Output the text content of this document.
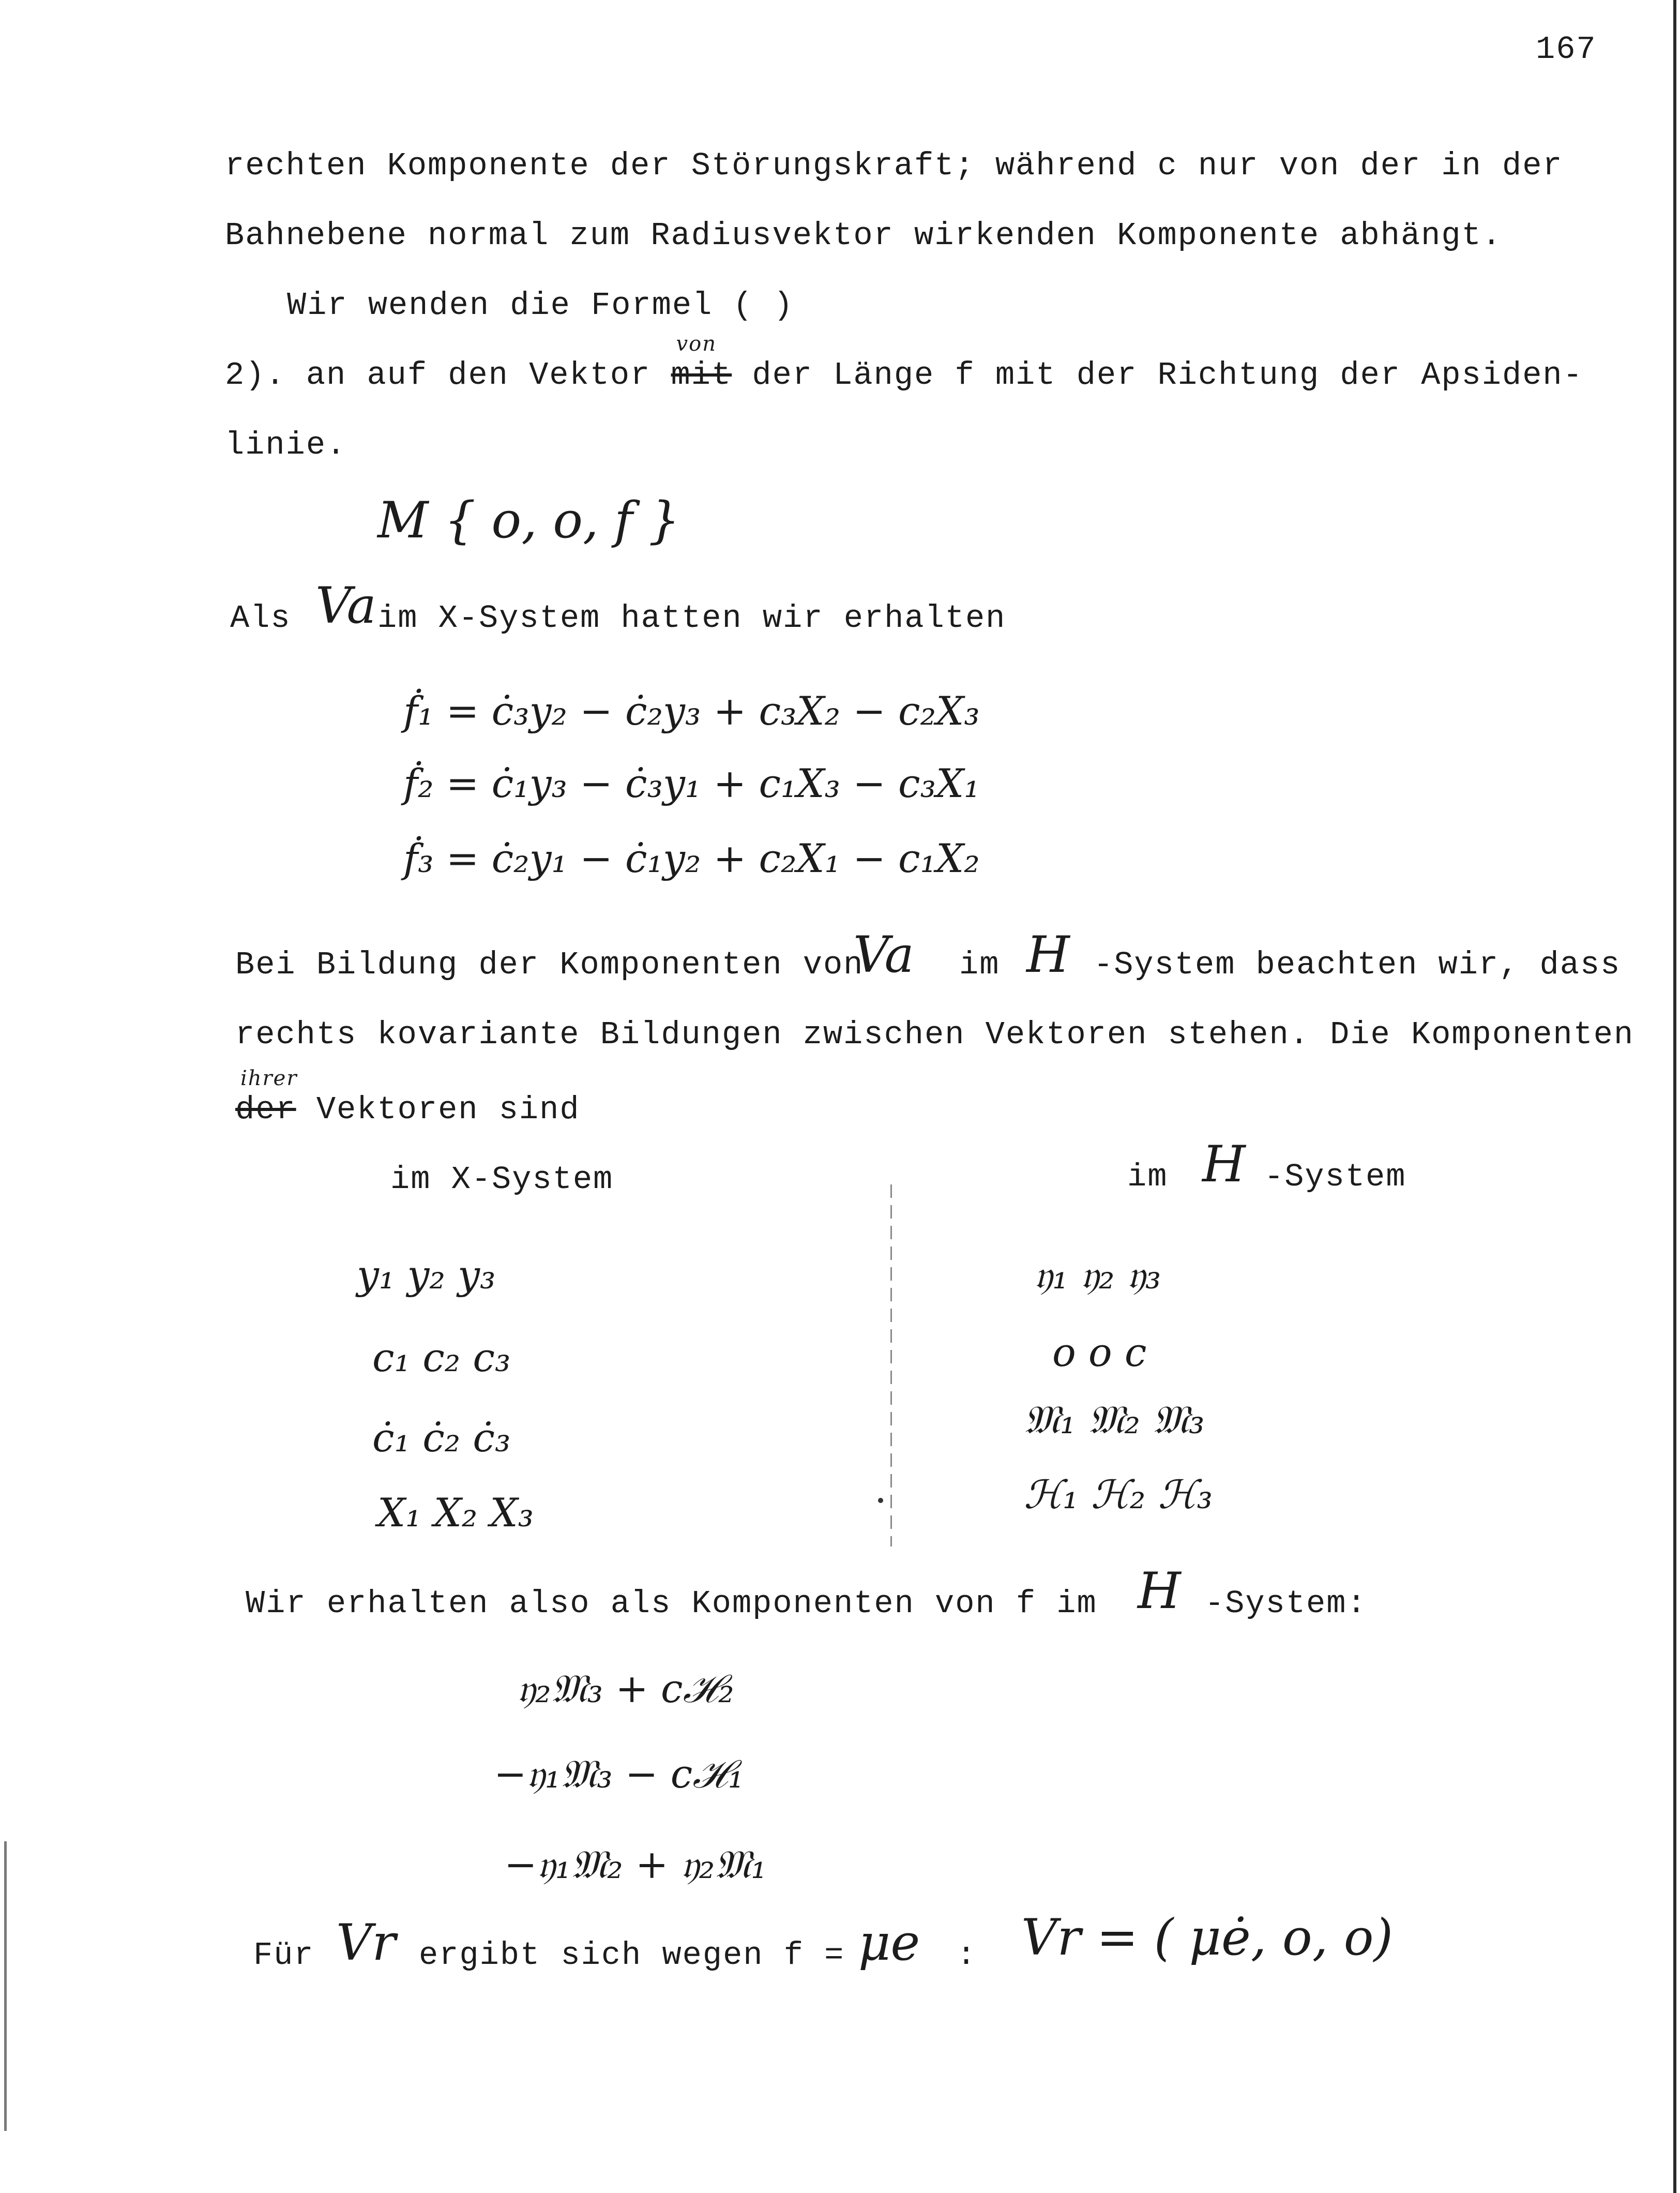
167
rechten Komponente der Störungskraft; während c nur von der in der
Bahnebene normal zum Radiusvektor wirkenden Komponente abhängt.
Wir wenden die Formel ( )
2). an auf den Vektor mit
von
der Länge f mit der Richtung der Apsiden-
linie.
M { o, o, f }
Als Va im X-System hatten wir erhalten
ḟ₁ = ċ₃y₂ − ċ₂y₃ + c₃X₂ − c₂X₃
ḟ₂ = ċ₁y₃ − ċ₃y₁ + c₁X₃ − c₃X₁
ḟ₃ = ċ₂y₁ − ċ₁y₂ + c₂X₁ − c₁X₂
Bei Bildung der Komponenten von
Va im H -System beachten wir, dass
rechts kovariante Bildungen zwischen Vektoren stehen. Die Komponenten
der
ihrer
Vektoren sind
im X-System	im H -System
y₁ y₂ y₃
c₁ c₂ c₃
ċ₁ ċ₂ ċ₃
X₁ X₂ X₃
𝔶₁ 𝔶₂ 𝔶₃
o o c
𝔐₁ 𝔐₂ 𝔐₃
ℋ₁ ℋ₂ ℋ₃
Wir erhalten also als Komponenten von f im H -System:
𝔶₂𝔐₃ + cℋ₂
−𝔶₁𝔐₃ − cℋ₁
−𝔶₁𝔐₂ + 𝔶₂𝔐₁
Für Vr ergibt sich wegen f = μe : Vr = ( μė, o, o)
